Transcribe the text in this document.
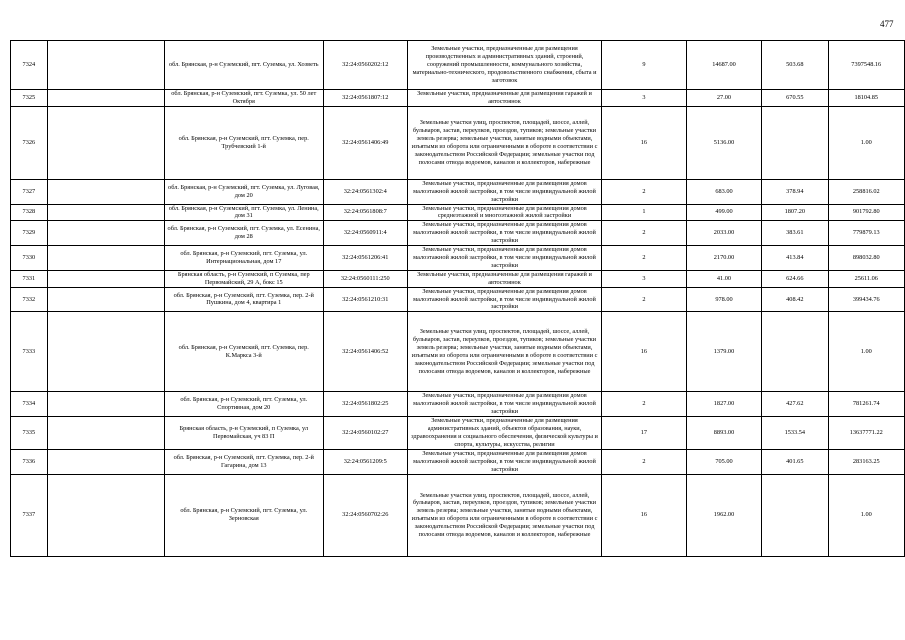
477
7324		обл. Брянская, р-н Суземский, пгт. Суземка, ул. Хозветь	32:24:0560202:12	Земельные участки, предназначенные для размещения производственных и административных зданий, строений, сооружений промышленности, коммунального хозяйства, материально-технического, продовольственного снабжения, сбыта и заготовок	9	14687.00	503.68	7397548.16
7325		обл. Брянская, р-н Суземский, пгт. Суземка, ул. 50 лет Октября	32:24:0561807:12	Земельные участки, предназначенные для размещения гаражей и автостоянок	3	27.00	670.55	18104.85
7326		обл. Брянская, р-н Суземский, пгт. Суземка, пер. Трубчевский 1-й	32:24:0561406:49	Земельные участки улиц, проспектов, площадей, шоссе, аллей, бульваров, застав, переулков, проездов, тупиков; земельные участки земель резерва; земельные участки, занятые водными объектами, изъятыми из оборота или ограниченными в обороте в соответствии с законодательством Российской Федерации; земельные участки под полосами отвода водоемов, каналов и коллекторов, набережные	16	5136.00		1.00
7327		обл. Брянская, р-н Суземский, пгт. Суземка, ул. Луговая, дом 20	32:24:0561302:4	Земельные участки, предназначенные для размещения домов малоэтажной жилой застройки, в том числе индивидуальной жилой застройки	2	683.00	378.94	258816.02
7328		обл. Брянская, р-н Суземский, пгт. Суземка, ул. Ленина, дом 31	32:24:0561808:7	Земельные участки, предназначенные для размещения домов среднеэтажной и многоэтажной жилой застройки	1	499.00	1807.20	901792.80
7329		обл. Брянская, р-н Суземский, пгт. Суземка, ул. Есенина, дом 28	32:24:0560911:4	Земельные участки, предназначенные для размещения домов малоэтажной жилой застройки, в том числе индивидуальной жилой застройки	2	2033.00	383.61	779879.13
7330		обл. Брянская, р-н Суземский, пгт. Суземка, ул. Интернациональная, дом 17	32:24:0561206:41	Земельные участки, предназначенные для размещения домов малоэтажной жилой застройки, в том числе индивидуальной жилой застройки	2	2170.00	413.84	898032.80
7331		Брянская область, р-н Суземский, п Суземка, пер Первомайский, 29 А, бокс 15	32:24:0560111:250	Земельные участки, предназначенные для размещения гаражей и автостоянок	3	41.00	624.66	25611.06
7332		обл. Брянская, р-н Суземский, пгт. Суземка, пер. 2-й Пушкина, дом 4, квартира 1	32:24:0561210:31	Земельные участки, предназначенные для размещения домов малоэтажной жилой застройки, в том числе индивидуальной жилой застройки	2	978.00	408.42	399434.76
7333		обл. Брянская, р-н Суземский, пгт. Суземка, пер. К.Маркса 3-й	32:24:0561406:52	Земельные участки улиц, проспектов, площадей, шоссе, аллей, бульваров, застав, переулков, проездов, тупиков; земельные участки земель резерва; земельные участки, занятые водными объектами, изъятыми из оборота или ограниченными в обороте в соответствии с законодательством Российской Федерации; земельные участки под полосами отвода водоемов, каналов и коллекторов, набережные	16	1379.00		1.00
7334		обл. Брянская, р-н Суземский, пгт. Суземка, ул. Спортивная, дом 20	32:24:0561802:25	Земельные участки, предназначенные для размещения домов малоэтажной жилой застройки, в том числе индивидуальной жилой застройки	2	1827.00	427.62	781261.74
7335		Брянская область, р-н Суземский, п Суземка, ул Первомайская, уч 83 П	32:24:0560102:27	Земельные участки, предназначенные для размещения административных зданий, объектов образования, науки, здравоохранения и социального обеспечения, физической культуры и спорта, культуры, искусства, религии	17	8893.00	1533.54	13637771.22
7336		обл. Брянская, р-н Суземский, пгт. Суземка, пер. 2-й Гагарина, дом 13	32:24:0561209:5	Земельные участки, предназначенные для размещения домов малоэтажной жилой застройки, в том числе индивидуальной жилой застройки	2	705.00	401.65	283163.25
7337		обл. Брянская, р-н Суземский, пгт. Суземка, ул. Зерновская	32:24:0560702:26	Земельные участки улиц, проспектов, площадей, шоссе, аллей, бульваров, застав, переулков, проездов, тупиков; земельные участки земель резерва; земельные участки, занятые водными объектами, изъятыми из оборота или ограниченными в обороте в соответствии с законодательством Российской Федерации; земельные участки под полосами отвода водоемов, каналов и коллекторов, набережные	16	1962.00		1.00
